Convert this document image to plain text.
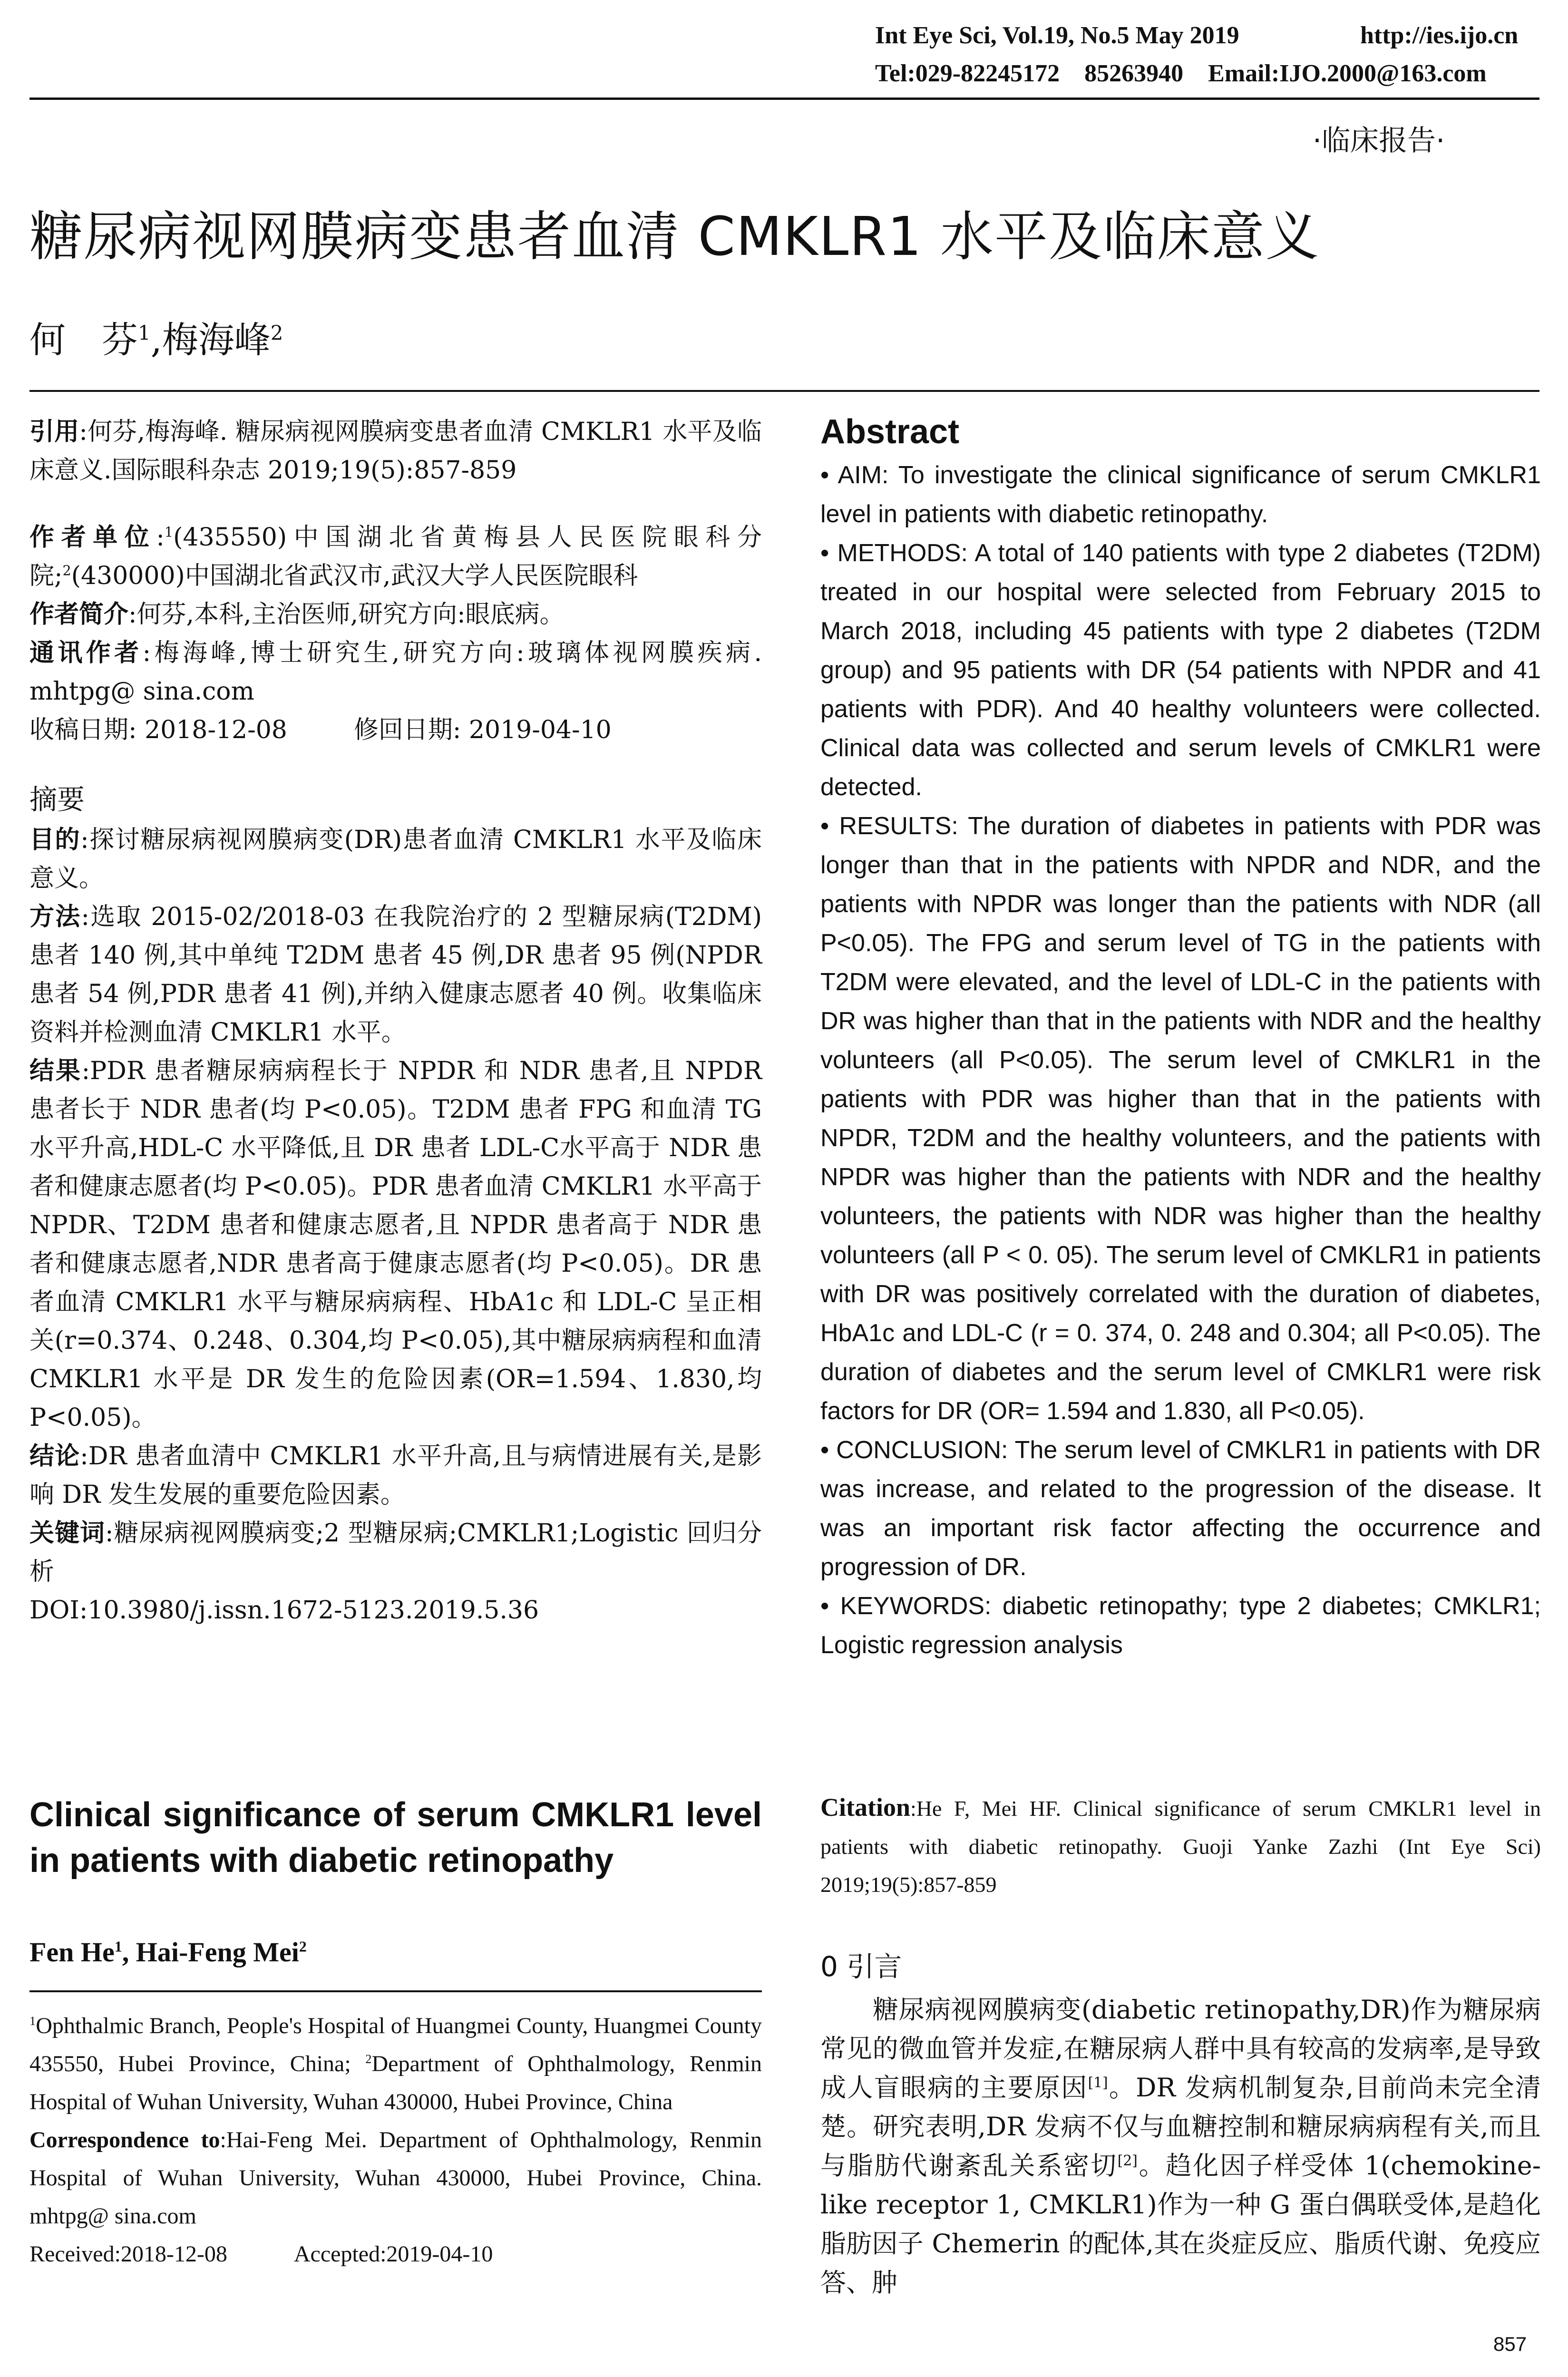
Int Eye Sci, Vol.19, No.5 May 2019	http://ies.ijo.cn
Tel:029-82245172    85263940    Email:IJO.2000@163.com
·临床报告·
糖尿病视网膜病变患者血清 CMKLR1 水平及临床意义
何　芬$^1$,梅海峰$^2$

引用:何芬,梅海峰. 糖尿病视网膜病变患者血清 CMKLR1 水平及临床意义.国际眼科杂志 2019;19(5):857-859

作者单位:$^1$(435550)中国湖北省黄梅县人民医院眼科分院;$^2$(430000)中国湖北省武汉市,武汉大学人民医院眼科

作者简介:何芬,本科,主治医师,研究方向:眼底病。

通讯作者:梅海峰,博士研究生,研究方向:玻璃体视网膜疾病. mhtpg@ sina.com

收稿日期: 2018-12-08	修回日期: 2019-04-10

摘要

目的:探讨糖尿病视网膜病变(DR)患者血清 CMKLR1 水平及临床意义。

方法:选取 2015-02/2018-03 在我院治疗的 2 型糖尿病(T2DM)患者 140 例,其中单纯 T2DM 患者 45 例,DR 患者 95 例(NPDR 患者 54 例,PDR 患者 41 例),并纳入健康志愿者 40 例。收集临床资料并检测血清 CMKLR1 水平。

结果:PDR 患者糖尿病病程长于 NPDR 和 NDR 患者,且 NPDR 患者长于 NDR 患者(均 P<0.05)。T2DM 患者 FPG 和血清 TG 水平升高,HDL-C 水平降低,且 DR 患者 LDL-C水平高于 NDR 患者和健康志愿者(均 P<0.05)。PDR 患者血清 CMKLR1 水平高于 NPDR、T2DM 患者和健康志愿者,且 NPDR 患者高于 NDR 患者和健康志愿者,NDR 患者高于健康志愿者(均 P<0.05)。DR 患者血清 CMKLR1 水平与糖尿病病程、HbA1c 和 LDL-C 呈正相关(r=0.374、0.248、0.304,均 P<0.05),其中糖尿病病程和血清 CMKLR1 水平是 DR 发生的危险因素(OR=1.594、1.830,均 P<0.05)。

结论:DR 患者血清中 CMKLR1 水平升高,且与病情进展有关,是影响 DR 发生发展的重要危险因素。

关键词:糖尿病视网膜病变;2 型糖尿病;CMKLR1;Logistic 回归分析

DOI:10.3980/j.issn.1672-5123.2019.5.36

Clinical significance of serum CMKLR1 level in patients with diabetic retinopathy
Fen He$^1$, Hai-Feng Mei$^2$

$^1$Ophthalmic Branch, People's Hospital of Huangmei County, Huangmei County 435550, Hubei Province, China; $^2$Department of Ophthalmology, Renmin Hospital of Wuhan University, Wuhan 430000, Hubei Province, China

Correspondence to:Hai-Feng Mei. Department of Ophthalmology, Renmin Hospital of Wuhan University, Wuhan 430000, Hubei Province, China. mhtpg@ sina.com

Received:2018-12-08	Accepted:2019-04-10

Abstract

• AIM: To investigate the clinical significance of serum CMKLR1 level in patients with diabetic retinopathy.

• METHODS: A total of 140 patients with type 2 diabetes (T2DM) treated in our hospital were selected from February 2015 to March 2018, including 45 patients with type 2 diabetes (T2DM group) and 95 patients with DR (54 patients with NPDR and 41 patients with PDR). And 40 healthy volunteers were collected. Clinical data was collected and serum levels of CMKLR1 were detected.

• RESULTS: The duration of diabetes in patients with PDR was longer than that in the patients with NPDR and NDR, and the patients with NPDR was longer than the patients with NDR (all P<0.05). The FPG and serum level of TG in the patients with T2DM were elevated, and the level of LDL-C in the patients with DR was higher than that in the patients with NDR and the healthy volunteers (all P<0.05). The serum level of CMKLR1 in the patients with PDR was higher than that in the patients with NPDR, T2DM and the healthy volunteers, and the patients with NPDR was higher than the patients with NDR and the healthy volunteers, the patients with NDR was higher than the healthy volunteers (all P < 0. 05). The serum level of CMKLR1 in patients with DR was positively correlated with the duration of diabetes, HbA1c and LDL-C (r = 0. 374, 0. 248 and 0.304; all P<0.05). The duration of diabetes and the serum level of CMKLR1 were risk factors for DR (OR= 1.594 and 1.830, all P<0.05).

• CONCLUSION: The serum level of CMKLR1 in patients with DR was increase, and related to the progression of the disease. It was an important risk factor affecting the occurrence and progression of DR.

• KEYWORDS: diabetic retinopathy; type 2 diabetes; CMKLR1; Logistic regression analysis

Citation:He F, Mei HF. Clinical significance of serum CMKLR1 level in patients with diabetic retinopathy. Guoji Yanke Zazhi (Int Eye Sci) 2019;19(5):857-859
0 引言
糖尿病视网膜病变(diabetic retinopathy,DR)作为糖尿病常见的微血管并发症,在糖尿病人群中具有较高的发病率,是导致成人盲眼病的主要原因[1]。DR 发病机制复杂,目前尚未完全清楚。研究表明,DR 发病不仅与血糖控制和糖尿病病程有关,而且与脂肪代谢紊乱关系密切[2]。趋化因子样受体 1(chemokine-like receptor 1, CMKLR1)作为一种 G 蛋白偶联受体,是趋化脂肪因子 Chemerin 的配体,其在炎症反应、脂质代谢、免疫应答、肿
857
